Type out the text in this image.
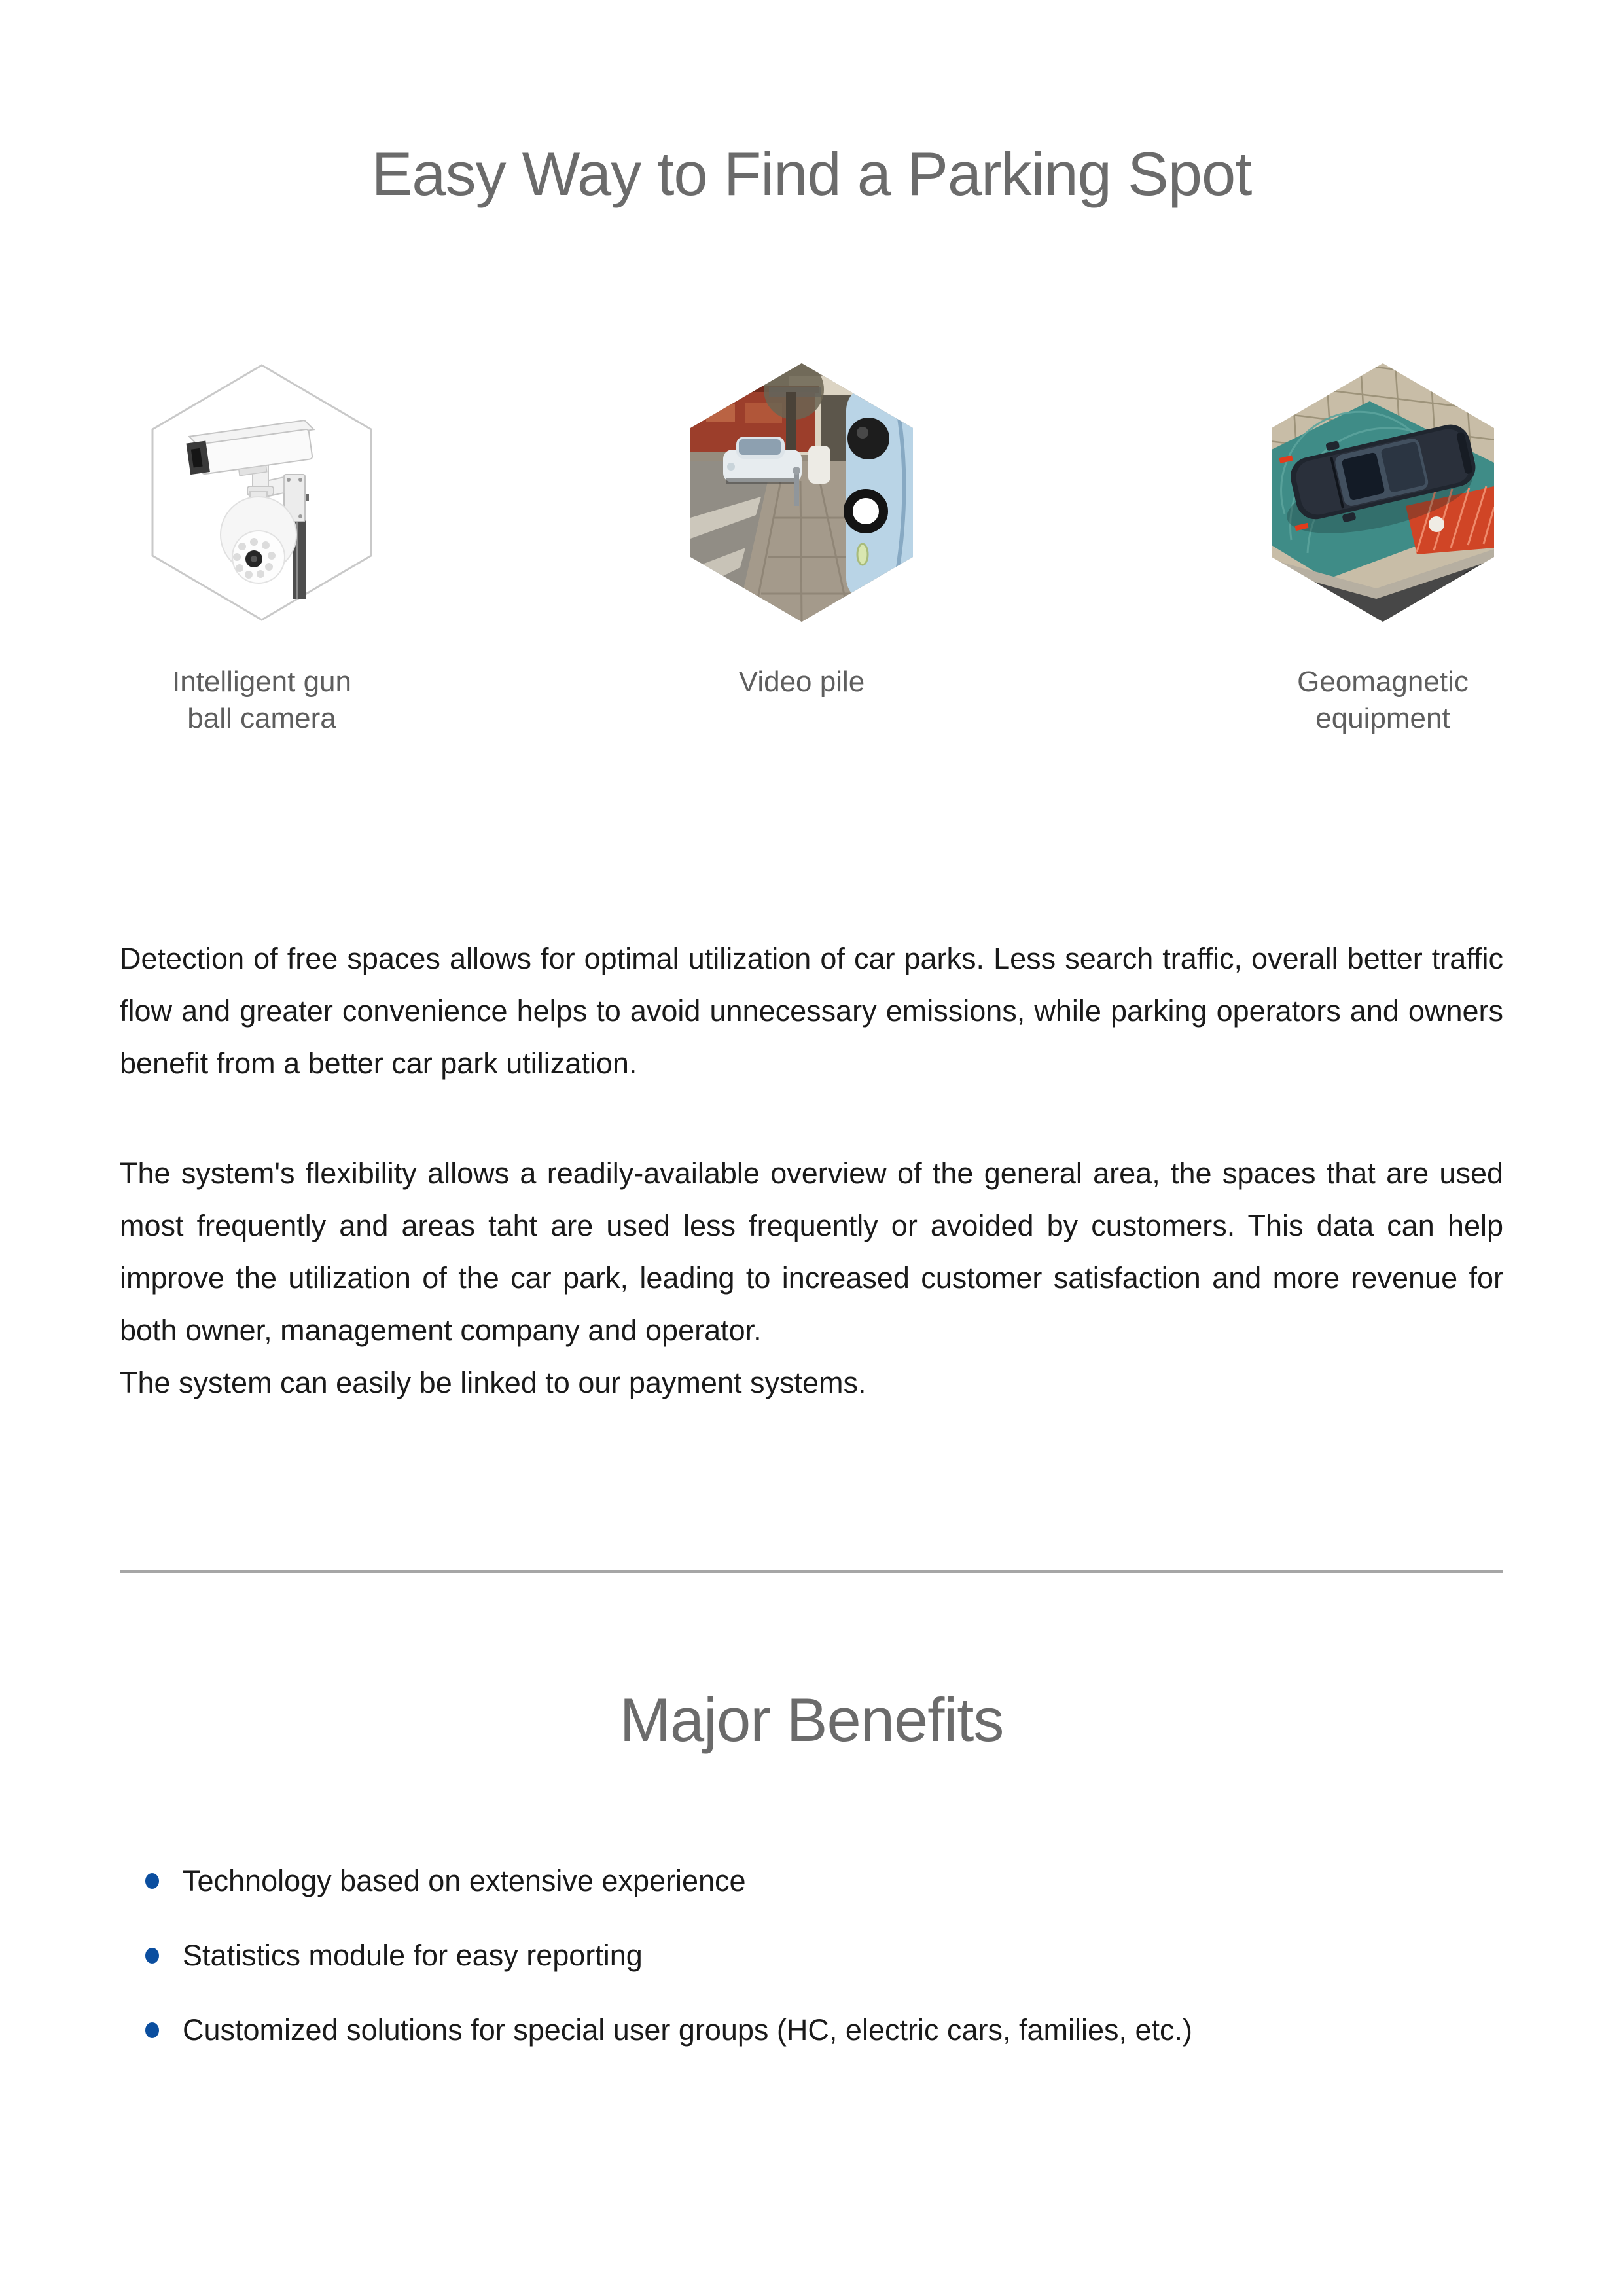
Easy Way to Find a Parking Spot
Intelligent gun ball camera
Video pile	Geomagnetic equipment

Detection of free spaces allows for optimal utilization of car parks. Less search traffic, overall better traffic flow and greater convenience helps to avoid unnecessary emissions, while parking operators and owners benefit from a better car park utilization.

The system's flexibility allows a readily-available overview of the general area, the spaces that are used most frequently and areas taht are used less frequently or avoided by customers. This data can help improve the utilization of the car park, leading to increased customer satisfaction and more revenue for both owner, management company and operator.

The system can easily be linked to our payment systems.

Major Benefits
Technology based on extensive experience
Statistics module for easy reporting
Customized solutions for special user groups (HC, electric cars, families, etc.)
